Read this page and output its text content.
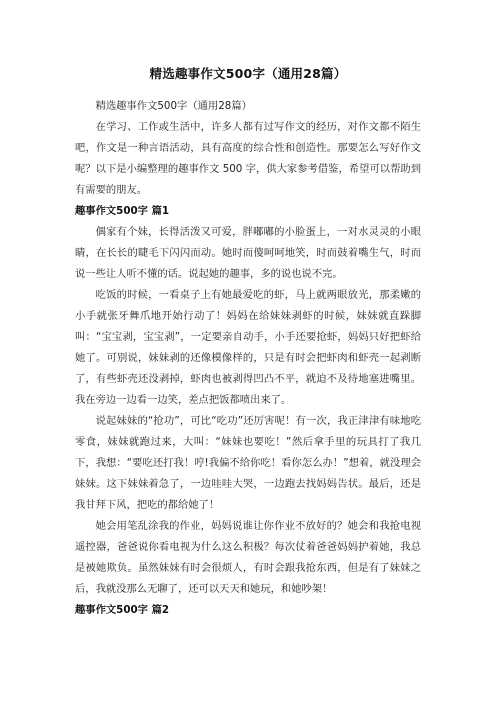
精选趣事作文500字（通用28篇）

精选趣事作文500字（通用28篇）

在学习、工作或生活中，许多人都有过写作文的经历，对作文都不陌生吧，作文是一种言语活动，具有高度的综合性和创造性。那要怎么写好作文呢？以下是小编整理的趣事作文 500 字，供大家参考借鉴，希望可以帮助到有需要的朋友。

趣事作文500字 篇1

偶家有个妹，长得活泼又可爱，胖嘟嘟的小脸蛋上，一对水灵灵的小眼睛，在长长的睫毛下闪闪而动。她时而傻呵呵地笑，时而鼓着嘴生气，时而说一些让人听不懂的话。说起她的趣事，多的说也说不完。

吃饭的时候，一看桌子上有她最爱吃的虾，马上就两眼放光，那柔嫩的小手就张牙舞爪地开始行动了！妈妈在给妹妹剥虾的时候，妹妹就直跺脚叫：“宝宝剥，宝宝剥”，一定要亲自动手，小手还要抢虾，妈妈只好把虾给她了。可别说，妹妹剥的还像模像样的，只是有时会把虾肉和虾壳一起剥断了，有些虾壳还没剥掉，虾肉也被剥得凹凸不平，就迫不及待地塞进嘴里。我在旁边一边看一边笑，差点把饭都喷出来了。

说起妹妹的“抢功”，可比“吃功”还厉害呢！有一次，我正津津有味地吃零食，妹妹就跑过来，大叫：“妹妹也要吃！”然后拿手里的玩具打了我几下，我想：“要吃还打我！哼!我偏不给你吃！看你怎么办！”想着，就没理会妹妹。这下妹妹着急了，一边哇哇大哭，一边跑去找妈妈告状。最后，还是我甘拜下风，把吃的都给她了！

她会用笔乱涂我的作业，妈妈说谁让你作业不放好的？她会和我抢电视遥控器，爸爸说你看电视为什么这么积极？每次仗着爸爸妈妈护着她，我总是被她欺负。虽然妹妹有时会很烦人，有时会跟我抢东西，但是有了妹妹之后，我就没那么无聊了，还可以天天和她玩，和她吵架！

趣事作文500字 篇2
